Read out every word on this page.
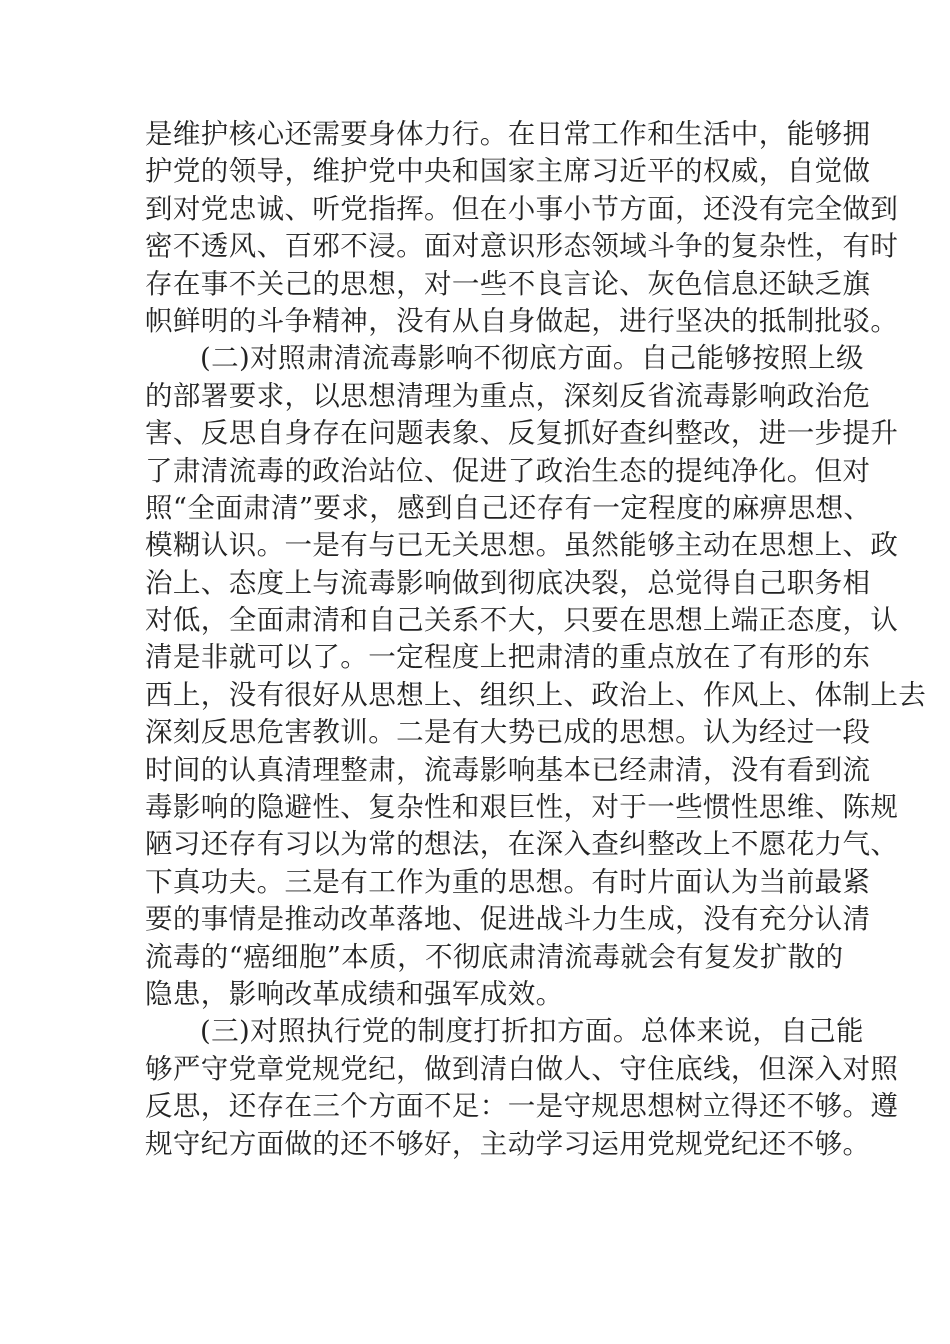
是维护核心还需要身体力行。在日常工作和生活中，能够拥
护党的领导，维护党中央和国家主席习近平的权威，自觉做
到对党忠诚、听党指挥。但在小事小节方面，还没有完全做到
密不透风、百邪不浸。面对意识形态领域斗争的复杂性，有时
存在事不关己的思想，对一些不良言论、灰色信息还缺乏旗
帜鲜明的斗争精神，没有从自身做起，进行坚决的抵制批驳。
(二)对照肃清流毒影响不彻底方面。自己能够按照上级
的部署要求，以思想清理为重点，深刻反省流毒影响政治危
害、反思自身存在问题表象、反复抓好查纠整改，进一步提升
了肃清流毒的政治站位、促进了政治生态的提纯净化。但对
照“全面肃清”要求，感到自己还存有一定程度的麻痹思想、
模糊认识。一是有与已无关思想。虽然能够主动在思想上、政
治上、态度上与流毒影响做到彻底决裂，总觉得自己职务相
对低，全面肃清和自己关系不大，只要在思想上端正态度，认
清是非就可以了。一定程度上把肃清的重点放在了有形的东
西上，没有很好从思想上、组织上、政治上、作风上、体制上去
深刻反思危害教训。二是有大势已成的思想。认为经过一段
时间的认真清理整肃，流毒影响基本已经肃清，没有看到流
毒影响的隐避性、复杂性和艰巨性，对于一些惯性思维、陈规
陋习还存有习以为常的想法，在深入查纠整改上不愿花力气、
下真功夫。三是有工作为重的思想。有时片面认为当前最紧
要的事情是推动改革落地、促进战斗力生成，没有充分认清
流毒的“癌细胞”本质，不彻底肃清流毒就会有复发扩散的
隐患，影响改革成绩和强军成效。
(三)对照执行党的制度打折扣方面。总体来说，自己能
够严守党章党规党纪，做到清白做人、守住底线，但深入对照
反思，还存在三个方面不足：一是守规思想树立得还不够。遵
规守纪方面做的还不够好，主动学习运用党规党纪还不够。
